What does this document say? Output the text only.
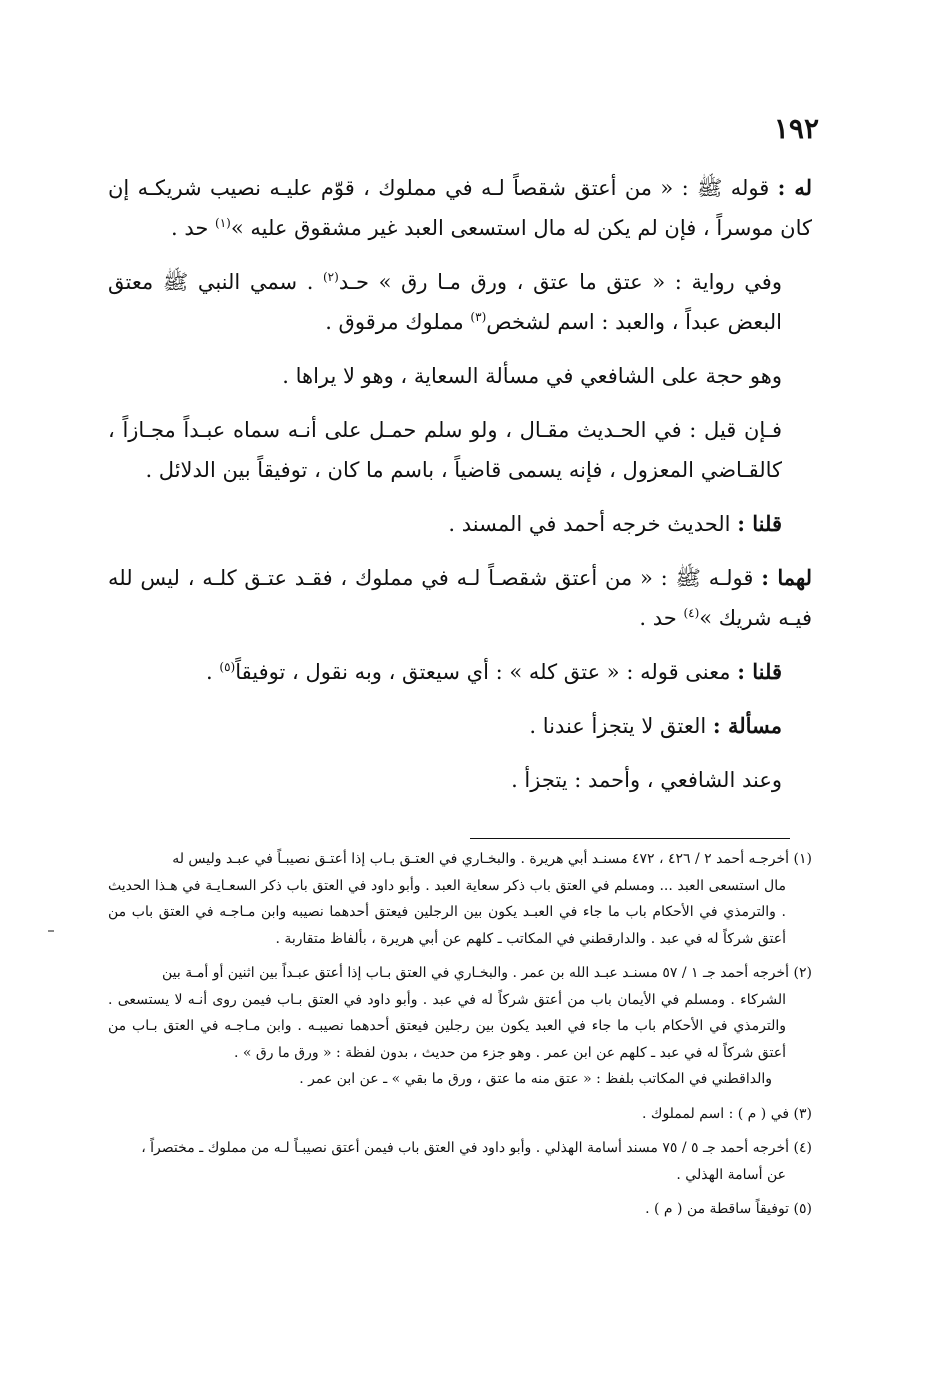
١٩٢

له : قوله ﷺ : « من أعتق شقصاً لـه في مملوك ، قوّم عليـه نصيب شريكـه إن كان موسراً ، فإن لم يكن له مال استسعى العبد غير مشقوق عليه »$^{(١)}$ حد .

وفي رواية : « عتق ما عتق ، ورق مـا رق » حـد$^{(٢)}$ . سمي النبي ﷺ معتق البعض عبداً ، والعبد : اسم لشخص$^{(٣)}$ مملوك مرقوق .

وهو حجة على الشافعي في مسألة السعاية ، وهو لا يراها .

فـإن قيل : في الحـديث مقـال ، ولو سلم حمـل على أنـه سماه عبـداً مجـازاً ، كالقـاضي المعزول ، فإنه يسمى قاضياً ، باسم ما كان ، توفيقاً بين الدلائل .

قلنا : الحديث خرجه أحمد في المسند .

لهما : قولـه ﷺ : « من أعتق شقصـاً لـه في مملوك ، فقـد عتـق كلـه ، ليس لله فيـه شريك »$^{(٤)}$ حد .

قلنا : معنى قوله : « عتق كله » : أي سيعتق ، وبه نقول ، توفيقاً$^{(٥)}$ .

مسألة : العتق لا يتجزأ عندنا .

وعند الشافعي ، وأحمد : يتجزأ .

(١) أخرجـه أحمد ٢ / ٤٢٦ ، ٤٧٢ مسنـد أبي هريرة . والبخـاري في العتـق بـاب إذا أعتـق نصيبـاً في عبـد وليس له
مال استسعى العبد ... ومسلم في العتق باب ذكر سعاية العبد . وأبو داود في العتق باب ذكر السعـايـة في هـذا الحديث . والترمذي في الأحكام باب ما جاء في العبـد يكون بين الرجلين فيعتق أحدهما نصيبه وابن مـاجـه في العتق باب من أعتق شركاً له في عبد . والدارقطني في المكاتب ـ كلهم عن أبي هريرة ، بألفاظ متقاربة .
(٢) أخرجه أحمد جـ ١ / ٥٧ مسنـد عبـد الله بن عمر . والبخـاري في العتق بـاب إذا أعتق عبـداً بين اثنين أو أمـة بين
الشركاء . ومسلم في الأيمان باب من أعتق شركاً له في عبد . وأبو داود في العتق بـاب فيمن روى أنـه لا يستسعى . والترمذي في الأحكام باب ما جاء في العبد يكون بين رجلين فيعتق أحدهما نصيبـه . وابن مـاجـه في العتق بـاب من أعتق شركاً له في عبد ـ كلهم عن ابن عمر . وهو جزء من حديث ، بدون لفظة : « ورق ما رق » .
والداقطني في المكاتب بلفظ : « عتق منه ما عتق ، ورق ما بقي » ـ عن ابن عمر .
(٣) في ( م ) : اسم لمملوك .
(٤) أخرجه أحمد جـ ٥ / ٧٥ مسند أسامة الهذلي . وأبو داود في العتق باب فيمن أعتق نصيبـاً لـه من مملوك ـ مختصراً ،
عن أسامة الهذلي .
(٥) توفيقاً ساقطة من ( م ) .
